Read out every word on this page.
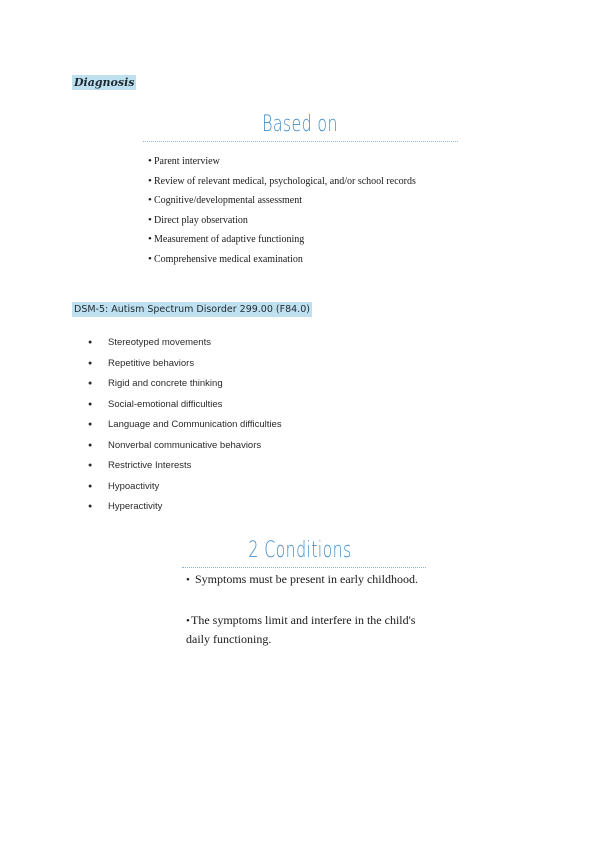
Diagnosis
Based on
• Parent interview
• Review of relevant medical, psychological, and/or school records
• Cognitive/developmental assessment
• Direct play observation
• Measurement of adaptive functioning
• Comprehensive medical examination
DSM-5: Autism Spectrum Disorder 299.00 (F84.0)
● Stereotyped movements
● Repetitive behaviors
● Rigid and concrete thinking
● Social-emotional difficulties
● Language and Communication difficulties
● Nonverbal communicative behaviors
● Restrictive Interests
● Hypoactivity
● Hyperactivity
2 Conditions
• Symptoms must be present in early childhood.
•The symptoms limit and interfere in the child's daily functioning.
